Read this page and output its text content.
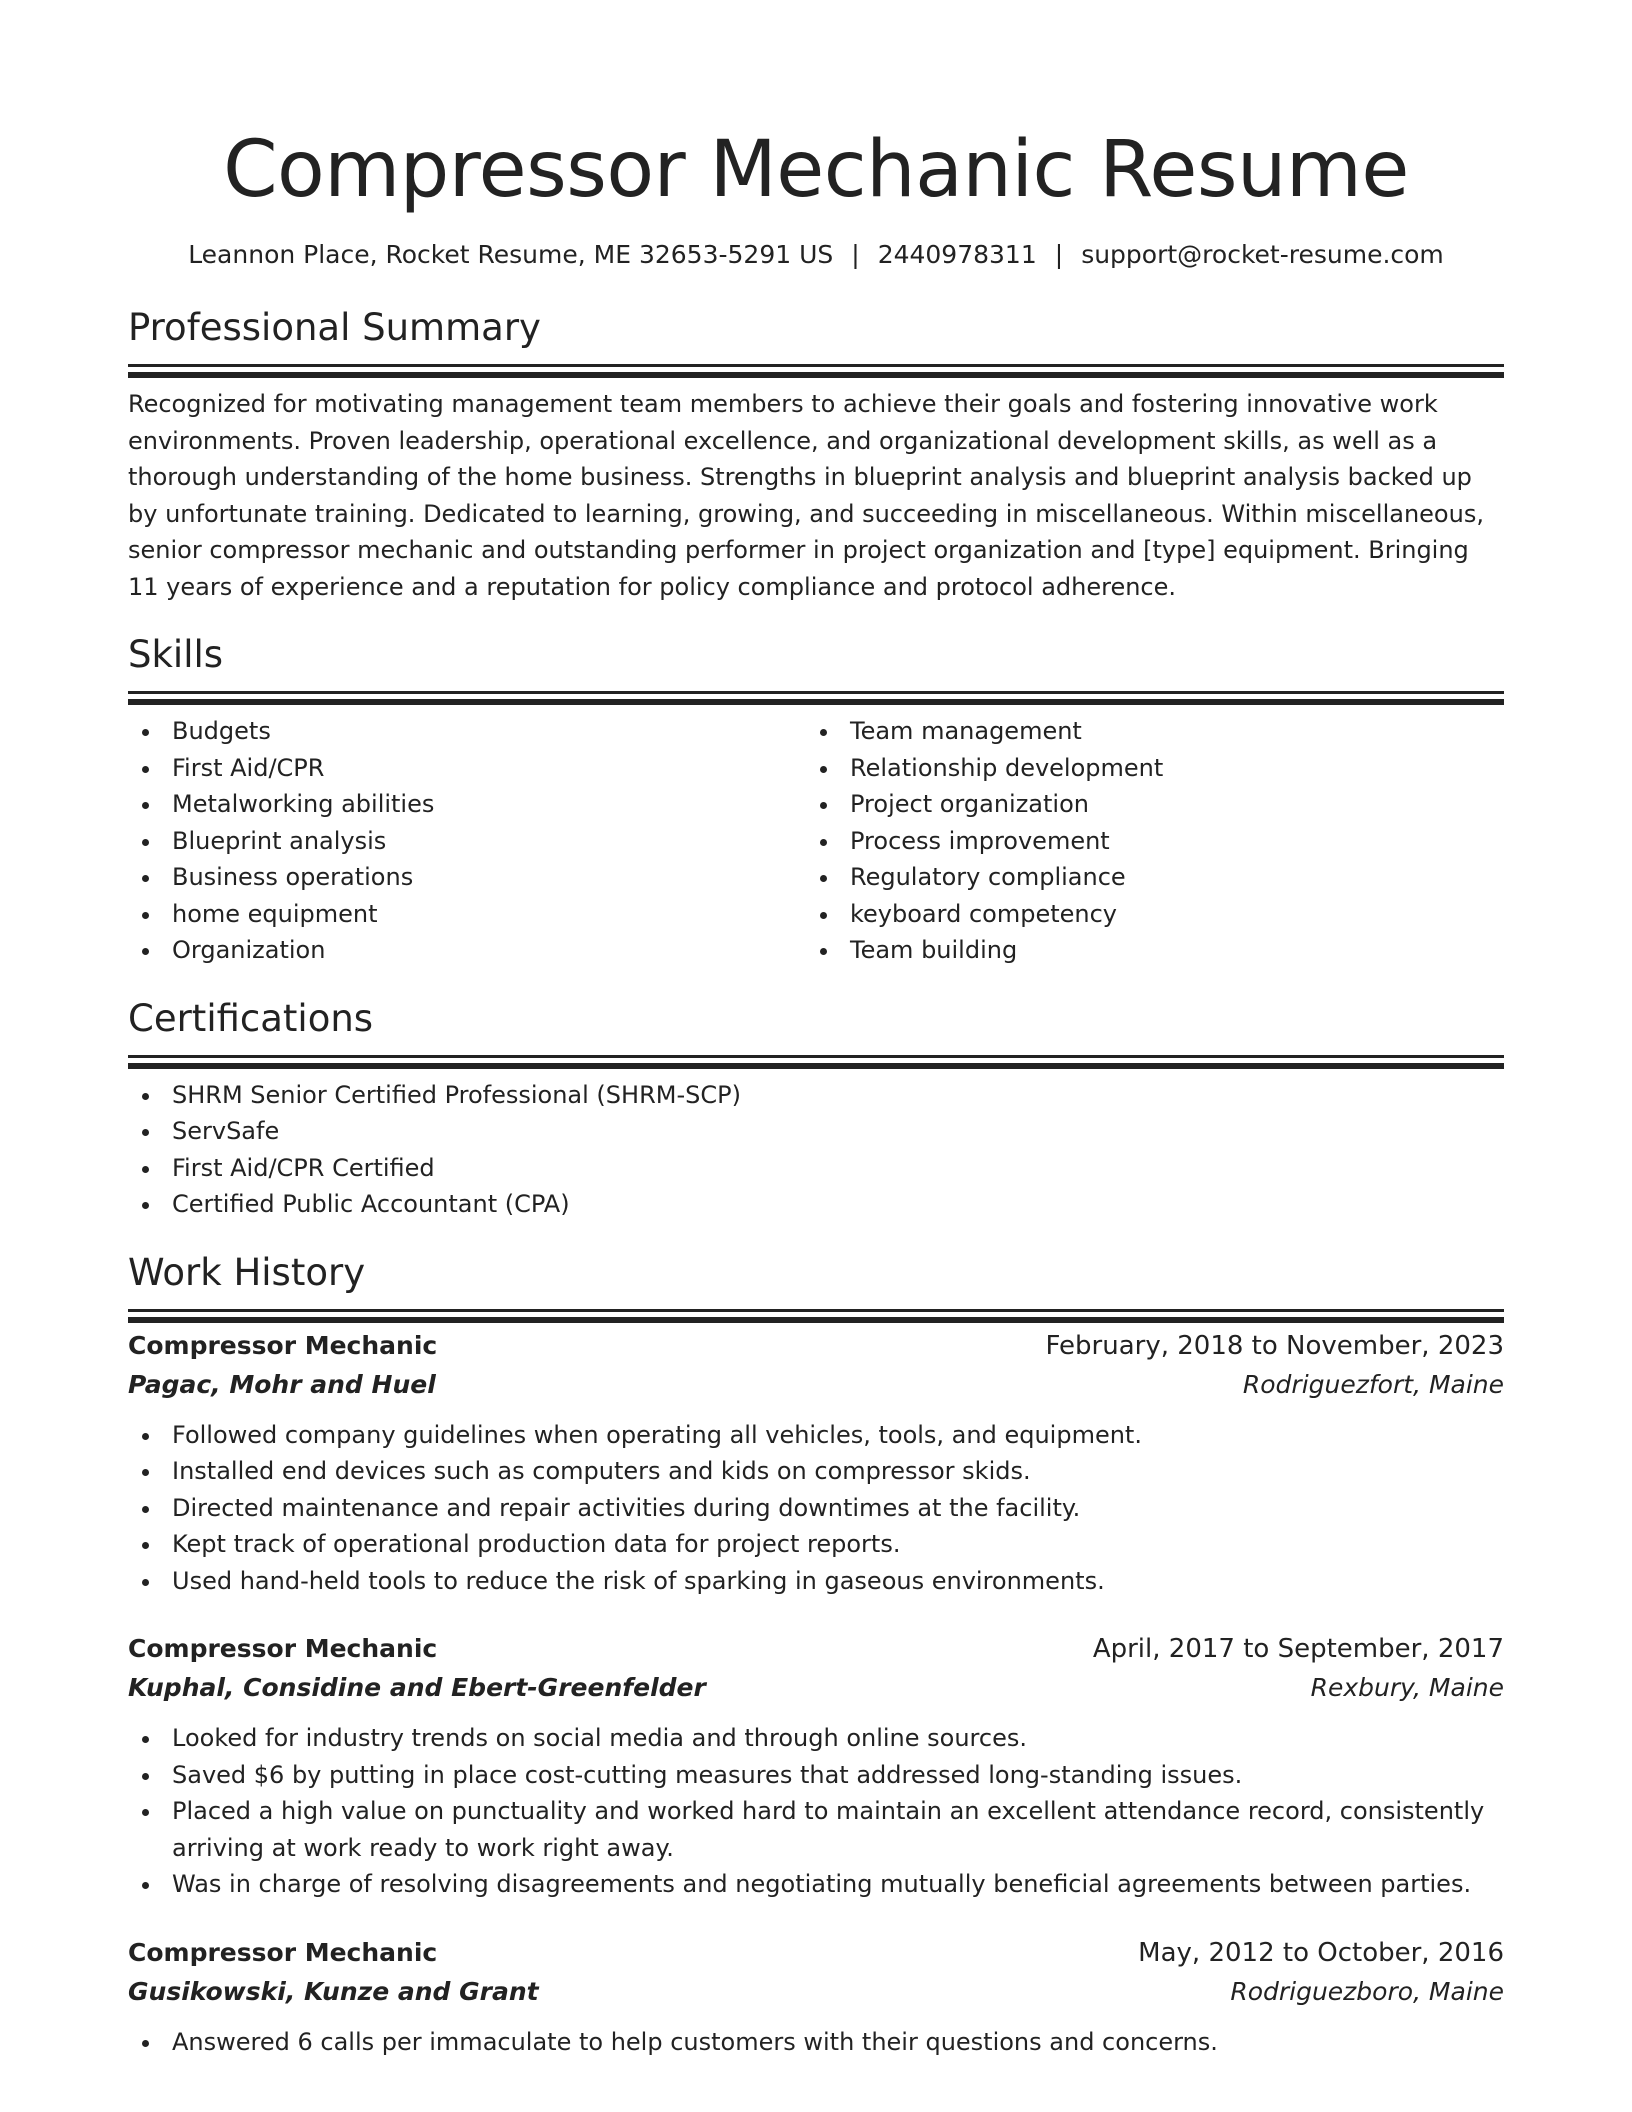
Compressor Mechanic Resume
Leannon Place, Rocket Resume, ME 32653-5291 US | 2440978311 | support@rocket-resume.com
Professional Summary

Recognized for motivating management team members to achieve their goals and fostering innovative work environments. Proven leadership, operational excellence, and organizational development skills, as well as a thorough understanding of the home business. Strengths in blueprint analysis and blueprint analysis backed up by unfortunate training. Dedicated to learning, growing, and succeeding in miscellaneous. Within miscellaneous, senior compressor mechanic and outstanding performer in project organization and [type] equipment. Bringing 11 years of experience and a reputation for policy compliance and protocol adherence.

Skills
Budgets
First Aid/CPR
Metalworking abilities
Blueprint analysis
Business operations
home equipment
Organization
Team management
Relationship development
Project organization
Process improvement
Regulatory compliance
keyboard competency
Team building
Certifications
SHRM Senior Certified Professional (SHRM-SCP)
ServSafe
First Aid/CPR Certified
Certified Public Accountant (CPA)
Work History
Compressor Mechanic	February, 2018 to November, 2023
Pagac, Mohr and Huel	Rodriguezfort, Maine
Followed company guidelines when operating all vehicles, tools, and equipment.
Installed end devices such as computers and kids on compressor skids.
Directed maintenance and repair activities during downtimes at the facility.
Kept track of operational production data for project reports.
Used hand-held tools to reduce the risk of sparking in gaseous environments.
Compressor Mechanic	April, 2017 to September, 2017
Kuphal, Considine and Ebert-Greenfelder	Rexbury, Maine
Looked for industry trends on social media and through online sources.
Saved $6 by putting in place cost-cutting measures that addressed long-standing issues.
Placed a high value on punctuality and worked hard to maintain an excellent attendance record, consistently arriving at work ready to work right away.
Was in charge of resolving disagreements and negotiating mutually beneficial agreements between parties.
Compressor Mechanic	May, 2012 to October, 2016
Gusikowski, Kunze and Grant	Rodriguezboro, Maine
Answered 6 calls per immaculate to help customers with their questions and concerns.
